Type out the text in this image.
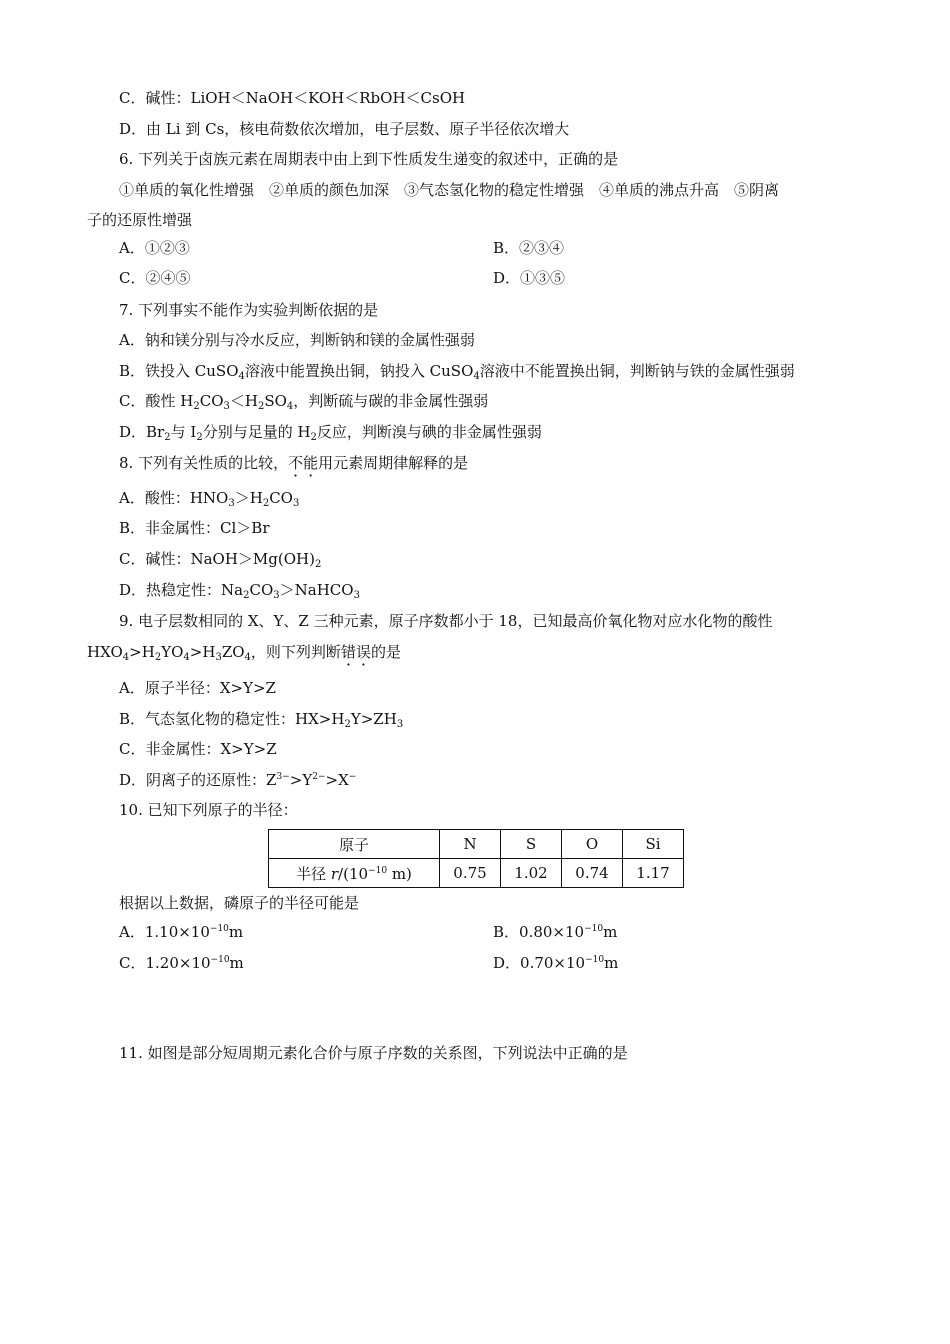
C．碱性：LiOH＜NaOH＜KOH＜RbOH＜CsOH
D．由 Li 到 Cs，核电荷数依次增加，电子层数、原子半径依次增大
6. 下列关于卤族元素在周期表中由上到下性质发生递变的叙述中，正确的是
①单质的氧化性增强　②单质的颜色加深　③气态氢化物的稳定性增强　④单质的沸点升高　⑤阴离
子的还原性增强
A．①②③	B．②③④
C．②④⑤	D．①③⑤
7. 下列事实不能作为实验判断依据的是
A．钠和镁分别与冷水反应，判断钠和镁的金属性强弱
B．铁投入 CuSO$_4$溶液中能置换出铜，钠投入 CuSO$_4$溶液中不能置换出铜，判断钠与铁的金属性强弱
C．酸性 $H_2CO_3<H_2SO_4$，判断硫与碳的非金属性强弱
D．$Br_2$与 $I_2$分别与足量的 $H_2$反应，判断溴与碘的非金属性强弱
8. 下列有关性质的比较，不能用元素周期律解释的是
A．酸性：$HNO_3>H_2CO_3$
B．非金属性：Cl＞Br
C．碱性：$NaOH>Mg(OH)_2$
D．热稳定性：$Na_2CO_3>NaHCO_3$
9. 电子层数相同的 X、Y、Z 三种元素，原子序数都小于 18，已知最高价氧化物对应水化物的酸性
$HXO_4>H_2YO_4>H_3ZO_4$，则下列判断错误的是
A．原子半径：X>Y>Z
B．气态氢化物的稳定性：$HX>H_2Y>ZH_3$
C．非金属性：X>Y>Z
D．阴离子的还原性：$Z^{3-}>Y^{2-}>X^-$
10. 已知下列原子的半径：
原子	N	S	O	Si
半径 $r/(10^{-10}$ m)	0.75	1.02	0.74	1.17
根据以上数据，磷原子的半径可能是
A．$1.10\times 10^{-10}m$	B．$0.80\times 10^{-10}m$
C．$1.20\times 10^{-10}m$	D．$0.70\times 10^{-10}m$
11. 如图是部分短周期元素化合价与原子序数的关系图，下列说法中正确的是
